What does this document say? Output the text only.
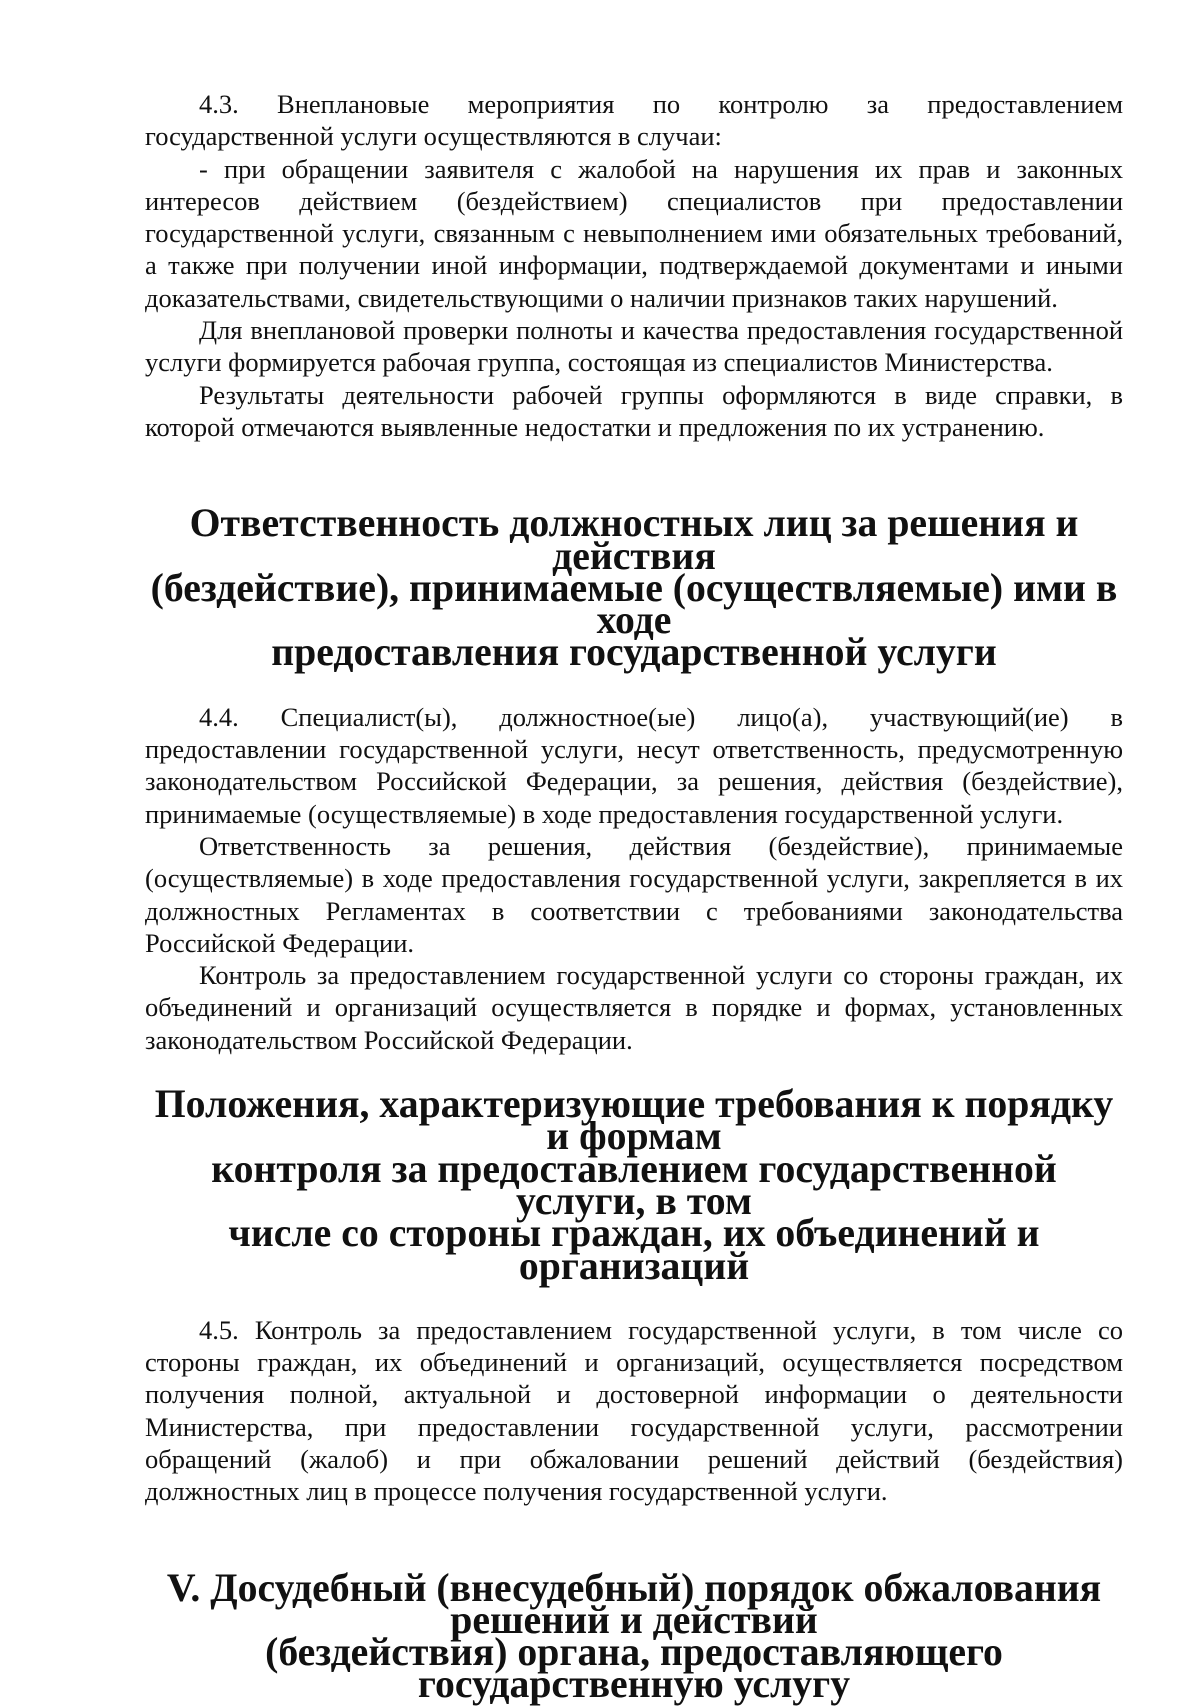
4.3. Внеплановые мероприятия по контролю за предоставлением государственной услуги осуществляются в случаи:

- при обращении заявителя с жалобой на нарушения их прав и законных интересов действием (бездействием) специалистов при предоставлении государственной услуги, связанным с невыполнением ими обязательных требований, а также при получении иной информации, подтверждаемой документами и иными доказательствами, свидетельствующими о наличии признаков таких нарушений.

Для внеплановой проверки полноты и качества предоставления государственной услуги формируется рабочая группа, состоящая из специалистов Министерства.

Результаты деятельности рабочей группы оформляются в виде справки, в которой отмечаются выявленные недостатки и предложения по их устранению.

Ответственность должностных лиц за решения и действия
(бездействие), принимаемые (осуществляемые) ими в ходе
предоставления государственной услуги

4.4. Специалист(ы), должностное(ые) лицо(а), участвующий(ие) в предоставлении государственной услуги, несут ответственность, предусмотренную законодательством Российской Федерации, за решения, действия (бездействие), принимаемые (осуществляемые) в ходе предоставления государственной услуги.

Ответственность за решения, действия (бездействие), принимаемые (осуществляемые) в ходе предоставления государственной услуги, закрепляется в их должностных Регламентах в соответствии с требованиями законодательства Российской Федерации.

Контроль за предоставлением государственной услуги со стороны граждан, их объединений и организаций осуществляется в порядке и формах, установленных законодательством Российской Федерации.

Положения, характеризующие требования к порядку и формам
контроля за предоставлением государственной услуги, в том
числе со стороны граждан, их объединений и организаций

4.5. Контроль за предоставлением государственной услуги, в том числе со стороны граждан, их объединений и организаций, осуществляется посредством получения полной, актуальной и достоверной информации о деятельности Министерства, при предоставлении государственной услуги, рассмотрении обращений (жалоб) и при обжаловании решений действий (бездействия) должностных лиц в процессе получения государственной услуги.

V. Досудебный (внесудебный) порядок обжалования решений и действий
(бездействия) органа, предоставляющего государственную услугу
